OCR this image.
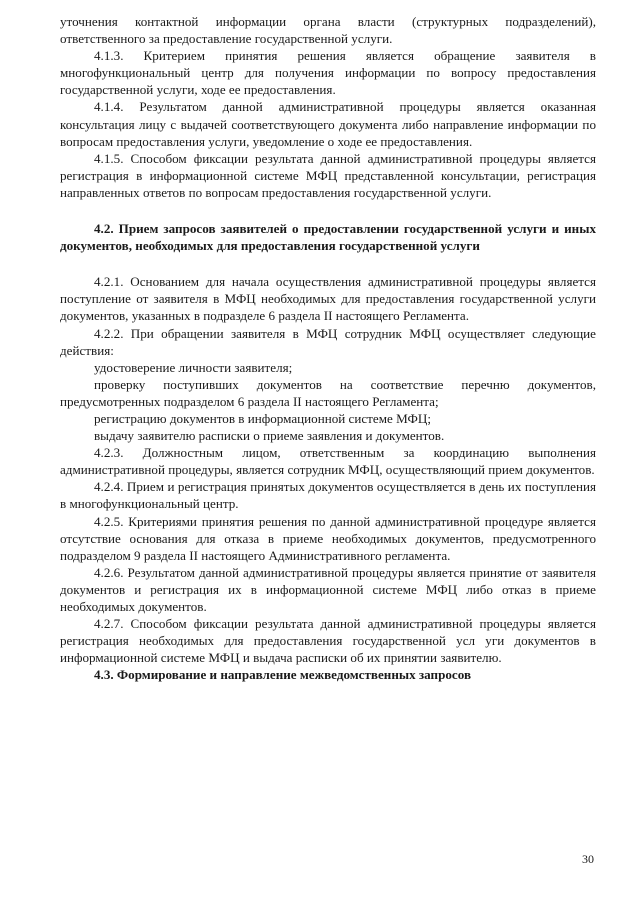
уточнения контактной информации органа власти (структурных подразделений), ответственного за предоставление государственной услуги.

4.1.3. Критерием принятия решения является обращение заявителя в многофункциональный центр для получения информации по вопросу предоставления государственной услуги, ходе ее предоставления.

4.1.4. Результатом данной административной процедуры является оказанная консультация лицу с выдачей соответствующего документа либо направление информации по вопросам предоставления услуги, уведомление о ходе ее предоставления.

4.1.5. Способом фиксации результата данной административной процедуры является регистрация в информационной системе МФЦ представленной консультации, регистрация направленных ответов по вопросам предоставления государственной услуги.

4.2. Прием запросов заявителей о предоставлении государственной услуги и иных документов, необходимых для предоставления государственной услуги

4.2.1. Основанием для начала осуществления административной процедуры является поступление от заявителя в МФЦ необходимых для предоставления государственной услуги документов, указанных в подразделе 6 раздела II настоящего Регламента.

4.2.2. При обращении заявителя в МФЦ сотрудник МФЦ осуществляет следующие действия:

удостоверение личности заявителя;

проверку поступивших документов на соответствие перечню документов, предусмотренных подразделом 6 раздела II настоящего Регламента;

регистрацию документов в информационной системе МФЦ;

выдачу заявителю расписки о приеме заявления и документов.

4.2.3. Должностным лицом, ответственным за координацию выполнения административной процедуры, является сотрудник МФЦ, осуществляющий прием документов.

4.2.4. Прием и регистрация принятых документов осуществляется в день их поступления в многофункциональный центр.

4.2.5. Критериями принятия решения по данной административной процедуре является отсутствие основания для отказа в приеме необходимых документов, предусмотренного подразделом 9 раздела II настоящего Административного регламента.

4.2.6. Результатом данной административной процедуры является принятие от заявителя документов и регистрация их в информационной системе МФЦ либо отказ в приеме необходимых документов.

4.2.7. Способом фиксации результата данной административной процедуры является регистрация необходимых для предоставления государственной усл уги документов в информационной системе МФЦ и выдача расписки об их принятии заявителю.

4.3. Формирование и направление межведомственных запросов

30
